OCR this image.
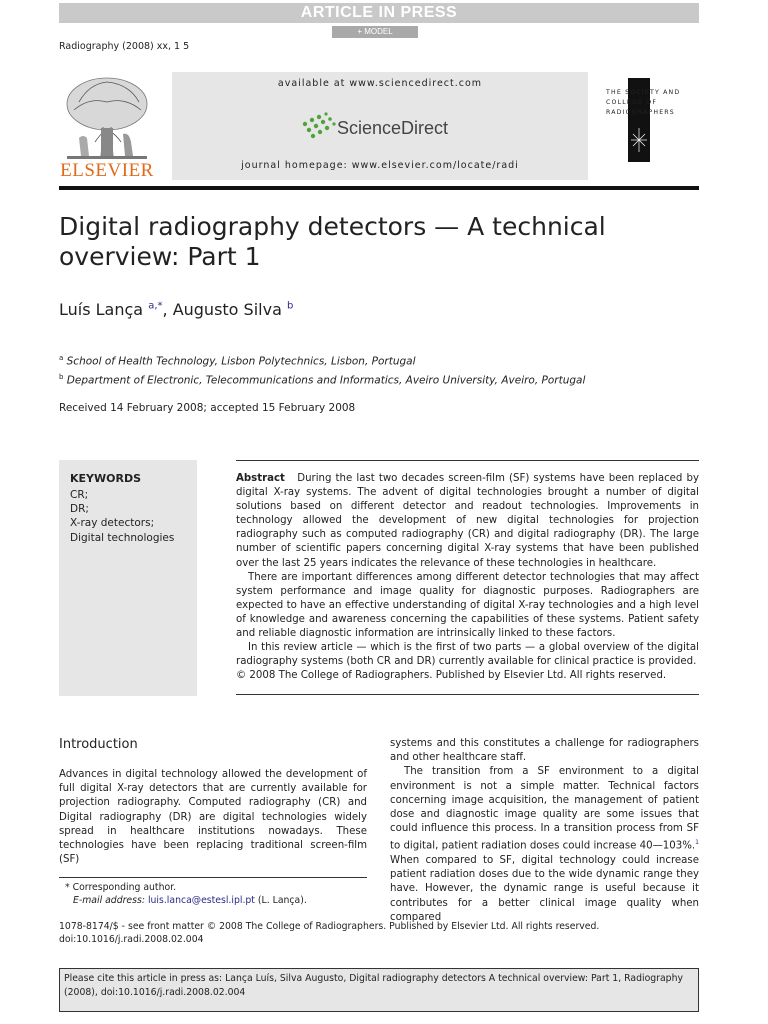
ARTICLE IN PRESS
+ MODEL
Radiography (2008) xx, 1 5
ELSEVIER
available at www.sciencedirect.com
ScienceDirect
journal homepage: www.elsevier.com/locate/radi
THE SOCIETY AND
COLLEGE OF
RADIOGRAPHERS
Digital radiography detectors — A technical
overview: Part 1
Luís Lança $^{a,*}$, Augusto Silva $^b$
$^a$ School of Health Technology, Lisbon Polytechnics, Lisbon, Portugal
$^b$ Department of Electronic, Telecommunications and Informatics, Aveiro University, Aveiro, Portugal
Received 14 February 2008; accepted 15 February 2008
KEYWORDS
CR;
DR;
X-ray detectors;
Digital technologies

Abstract During the last two decades screen-film (SF) systems have been replaced by digital X-ray systems. The advent of digital technologies brought a number of digital solutions based on different detector and readout technologies. Improvements in technology allowed the development of new digital technologies for projection radiography such as computed radiography (CR) and digital radiography (DR). The large number of scientific papers concerning digital X-ray systems that have been published over the last 25 years indicates the relevance of these technologies in healthcare.

There are important differences among different detector technologies that may affect system performance and image quality for diagnostic purposes. Radiographers are expected to have an effective understanding of digital X-ray technologies and a high level of knowledge and awareness concerning the capabilities of these systems. Patient safety and reliable diagnostic information are intrinsically linked to these factors.

In this review article — which is the first of two parts — a global overview of the digital radiography systems (both CR and DR) currently available for clinical practice is provided.

© 2008 The College of Radiographers. Published by Elsevier Ltd. All rights reserved.

Introduction
Advances in digital technology allowed the development of full digital X-ray detectors that are currently available for projection radiography. Computed radiography (CR) and Digital radiography (DR) are digital technologies widely spread in healthcare institutions nowadays. These technologies have been replacing traditional screen-film (SF)

systems and this constitutes a challenge for radiographers and other healthcare staff.

The transition from a SF environment to a digital environment is not a simple matter. Technical factors concerning image acquisition, the management of patient dose and diagnostic image quality are some issues that could influence this process. In a transition process from SF to digital, patient radiation doses could increase 40—103%.$^1$ When compared to SF, digital technology could increase patient radiation doses due to the wide dynamic range they have. However, the dynamic range is useful because it contributes for a better clinical image quality when compared

* Corresponding author.
E-mail address: luis.lanca@estesl.ipl.pt (L. Lança).
1078-8174/$ - see front matter © 2008 The College of Radiographers. Published by Elsevier Ltd. All rights reserved.
doi:10.1016/j.radi.2008.02.004
Please cite this article in press as: Lança Luís, Silva Augusto, Digital radiography detectors A technical overview: Part 1, Radiography (2008), doi:10.1016/j.radi.2008.02.004
